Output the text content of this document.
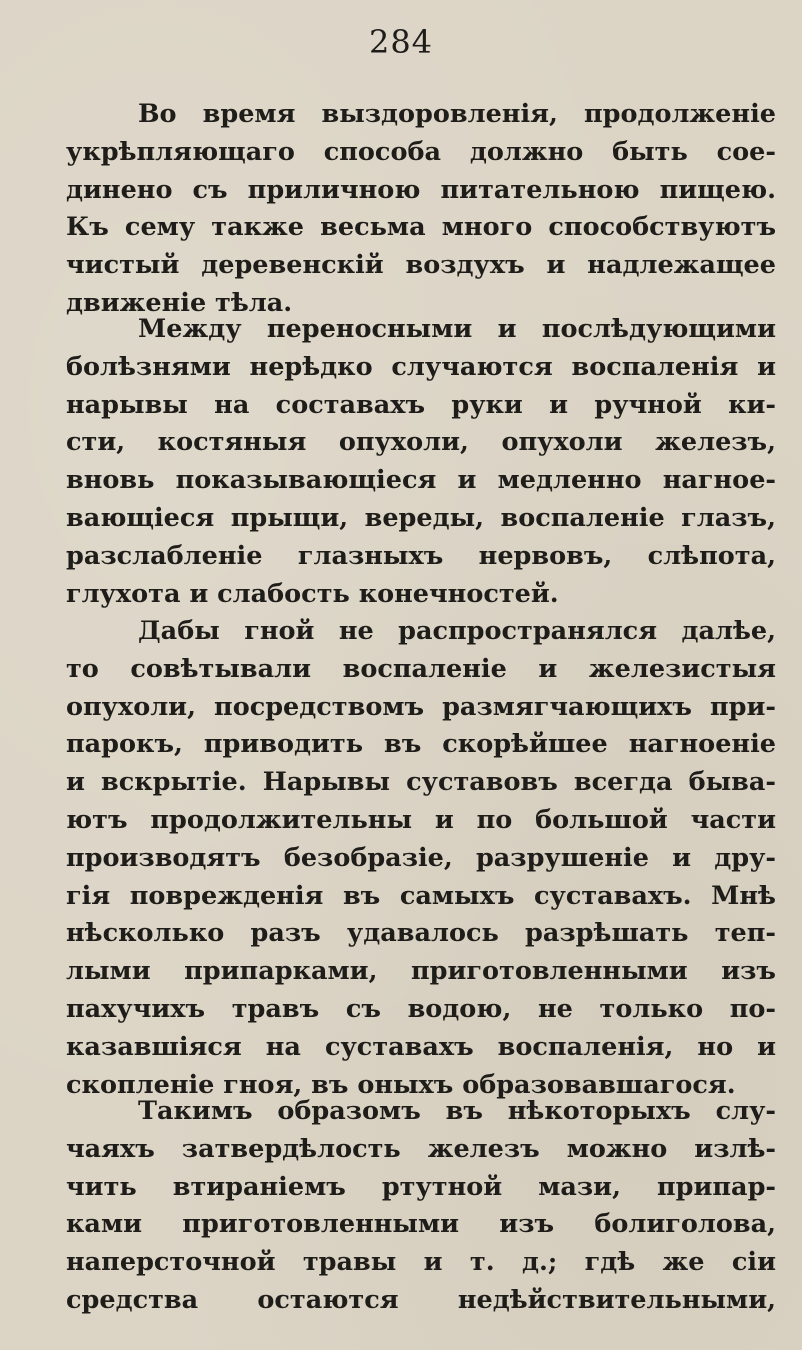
284
Во время выздоровленія, продолженіе
укрѣпляющаго способа должно быть сое-
динено съ приличною питательною пищею.
Къ сему также весьма много способствуютъ
чистый деревенскій воздухъ и надлежащее
движеніе тѣла.
Между переносными и послѣдующими
болѣзнями нерѣдко случаются воспаленія и
нарывы на составахъ руки и ручной ки-
сти, костяныя опухоли, опухоли железъ,
вновь показывающіеся и медленно нагное-
вающіеся прыщи, вереды, воспаленіе глазъ,
разслабленіе глазныхъ нервовъ, слѣпота,
глухота и слабость конечностей.
Дабы гной не распространялся далѣе,
то совѣтывали воспаленіе и железистыя
опухоли, посредствомъ размягчающихъ при-
парокъ, приводить въ скорѣйшее нагноеніе
и вскрытіе. Нарывы суставовъ всегда быва-
ютъ продолжительны и по большой части
производятъ безобразіе, разрушеніе и дру-
гія поврежденія въ самыхъ суставахъ. Мнѣ
нѣсколько разъ удавалось разрѣшать теп-
лыми припарками, приготовленными изъ
пахучихъ травъ съ водою, не только по-
казавшіяся на суставахъ воспаленія, но и
скопленіе гноя, въ оныхъ образовавшагося.
Такимъ образомъ въ нѣкоторыхъ слу-
чаяхъ затвердѣлость железъ можно излѣ-
чить втираніемъ ртутной мази, припар-
ками приготовленными изъ болиголова,
наперсточной травы и т. д.; гдѣ же сіи
средства остаются недѣйствительными,
